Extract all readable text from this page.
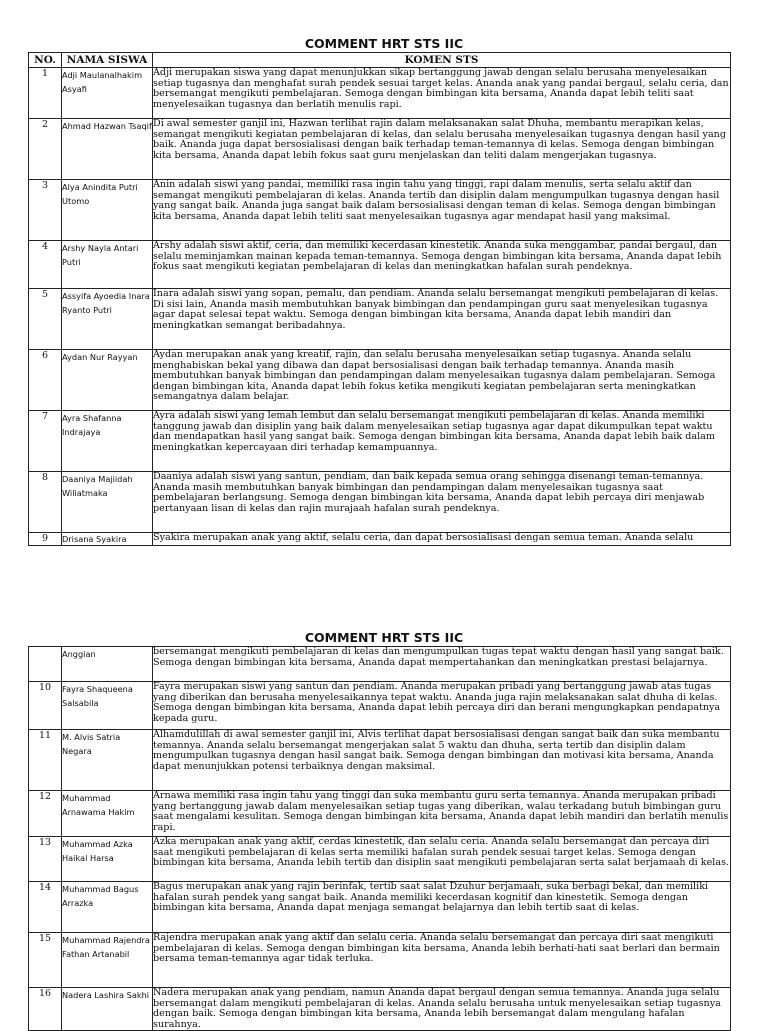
COMMENT HRT STS IIC
NO.	NAMA SISWA	KOMEN STS
1	Adji Maulanalhakim Asyafi	Adji merupakan siswa yang dapat menunjukkan sikap bertanggung jawab dengan selalu berusaha menyelesaikan setiap tugasnya dan menghafat surah pendek sesuai target kelas. Ananda anak yang pandai bergaul, selalu ceria, dan bersemangat mengikuti pembelajaran. Semoga dengan bimbingan kita bersama, Ananda dapat lebih teliti saat menyelesaikan tugasnya dan berlatih menulis rapi.
2	Ahmad Hazwan Tsaqif	Di awal semester ganjil ini, Hazwan terlihat rajin dalam melaksanakan salat Dhuha, membantu merapikan kelas, semangat mengikuti kegiatan pembelajaran di kelas, dan selalu berusaha menyelesaikan tugasnya dengan hasil yang baik. Ananda juga dapat bersosialisasi dengan baik terhadap teman-temannya di kelas. Semoga dengan bimbingan kita bersama, Ananda dapat lebih fokus saat guru menjelaskan dan teliti dalam mengerjakan tugasnya.
3	Alya Anindita Putri Utomo	Anin adalah siswi yang pandai, memiliki rasa ingin tahu yang tinggi, rapi dalam menulis, serta selalu aktif dan semangat mengikuti pembelajaran di kelas. Ananda tertib dan disiplin dalam mengumpulkan tugasnya dengan hasil yang sangat baik. Ananda juga sangat baik dalam bersosialisasi dengan teman di kelas. Semoga dengan bimbingan kita bersama, Ananda dapat lebih teliti saat menyelesaikan tugasnya agar mendapat hasil yang maksimal.
4	Arshy Nayla Antari Putri	Arshy adalah siswi aktif, ceria, dan memiliki kecerdasan kinestetik. Ananda suka menggambar, pandai bergaul, dan selalu meminjamkan mainan kepada teman-temannya. Semoga dengan bimbingan kita bersama, Ananda dapat lebih fokus saat mengikuti kegiatan pembelajaran di kelas dan meningkatkan hafalan surah pendeknya.
5	Assyifa Ayoedia Inara Ryanto Putri	Inara adalah siswi yang sopan, pemalu, dan pendiam. Ananda selalu bersemangat mengikuti pembelajaran di kelas. Di sisi lain, Ananda masih membutuhkan banyak bimbingan dan pendampingan guru saat menyelesikan tugasnya agar dapat selesai tepat waktu. Semoga dengan bimbingan kita bersama, Ananda dapat lebih mandiri dan meningkatkan semangat beribadahnya.
6	Aydan Nur Rayyan	Aydan merupakan anak yang kreatif, rajin, dan selalu berusaha menyelesaikan setiap tugasnya. Ananda selalu menghabiskan bekal yang dibawa dan dapat bersosialisasi dengan baik terhadap temannya. Ananda masih membutuhkan banyak bimbingan dan pendampingan dalam menyelesaikan tugasnya dalam pembelajaran. Semoga dengan bimbingan kita, Ananda dapat lebih fokus ketika mengikuti kegiatan pembelajaran serta meningkatkan semangatnya dalam belajar.
7	Ayra Shafanna Indrajaya	Ayra adalah siswi yang lemah lembut dan selalu bersemangat mengikuti pembelajaran di kelas. Ananda memiliki tanggung jawab dan disiplin yang baik dalam menyelesaikan setiap tugasnya agar dapat dikumpulkan tepat waktu dan mendapatkan hasil yang sangat baik. Semoga dengan bimbingan kita bersama, Ananda dapat lebih baik dalam meningkatkan kepercayaan diri terhadap kemampuannya.
8	Daaniya Majiidah Wiliatmaka	Daaniya adalah siswi yang santun, pendiam, dan baik kepada semua orang sehingga disenangi teman-temannya. Ananda masih membutuhkan banyak bimbingan dan pendampingan dalam menyelesaikan tugasnya saat pembelajaran berlangsung. Semoga dengan bimbingan kita bersama, Ananda dapat lebih percaya diri menjawab pertanyaan lisan di kelas dan rajin murajaah hafalan surah pendeknya.
9	Drisana Syakira	Syakira merupakan anak yang aktif, selalu ceria, dan dapat bersosialisasi dengan semua teman. Ananda selalu
COMMENT HRT STS IIC
	Anggian	bersemangat mengikuti pembelajaran di kelas dan mengumpulkan tugas tepat waktu dengan hasil yang sangat baik. Semoga dengan bimbingan kita bersama, Ananda dapat mempertahankan dan meningkatkan prestasi belajarnya.
10	Fayra Shaqueena Salsabila	Fayra merupakan siswi yang santun dan pendiam. Ananda merupakan pribadi yang bertanggung jawab atas tugas yang diberikan dan berusaha menyelesaikannya tepat waktu. Ananda juga rajin melaksanakan salat dhuha di kelas. Semoga dengan bimbingan kita bersama, Ananda dapat lebih percaya diri dan berani mengungkapkan pendapatnya kepada guru.
11	M. Alvis Satria Negara	Alhamdulillah di awal semester ganjil ini, Alvis terlihat dapat bersosialisasi dengan sangat baik dan suka membantu temannya. Ananda selalu bersemangat mengerjakan salat 5 waktu dan dhuha, serta tertib dan disiplin dalam mengumpulkan tugasnya dengan hasil sangat baik. Semoga dengan bimbingan dan motivasi kita bersama, Ananda dapat menunjukkan potensi terbaiknya dengan maksimal.
12	Muhammad Arnawama Hakim	Arnawa memiliki rasa ingin tahu yang tinggi dan suka membantu guru serta temannya. Ananda merupakan pribadi yang bertanggung jawab dalam menyelesaikan setiap tugas yang diberikan, walau terkadang butuh bimbingan guru saat mengalami kesulitan. Semoga dengan bimbingan kita bersama, Ananda dapat lebih mandiri dan berlatih menulis rapi.
13	Muhammad Azka Haikal Harsa	Azka merupakan anak yang aktif, cerdas kinestetik, dan selalu ceria. Ananda selalu bersemangat dan percaya diri saat mengikuti pembelajaran di kelas serta memiliki hafalan surah pendek sesuai target kelas. Semoga dengan bimbingan kita bersama, Ananda lebih tertib dan disiplin saat mengikuti pembelajaran serta salat berjamaah di kelas.
14	Muhammad Bagus Arrazka	Bagus merupakan anak yang rajin berinfak, tertib saat salat Dzuhur berjamaah, suka berbagi bekal, dan memiliki hafalan surah pendek yang sangat baik. Ananda memiliki kecerdasan kognitif dan kinestetik. Semoga dengan bimbingan kita bersama, Ananda dapat menjaga semangat belajarnya dan lebih tertib saat di kelas.
15	Muhammad Rajendra Fathan Artanabil	Rajendra merupakan anak yang aktif dan selalu ceria. Ananda selalu bersemangat dan percaya diri saat mengikuti pembelajaran di kelas. Semoga dengan bimbingan kita bersama, Ananda lebih berhati-hati saat berlari dan bermain bersama teman-temannya agar tidak terluka.
16	Nadera Lashira Sakhi	Nadera merupakan anak yang pendiam, namun Ananda dapat bergaul dengan semua temannya. Ananda juga selalu bersemangat dalam mengikuti pembelajaran di kelas. Ananda selalu berusaha untuk menyelesaikan setiap tugasnya dengan baik. Semoga dengan bimbingan kita bersama, Ananda lebih bersemangat dalam mengulang hafalan surahnya.
